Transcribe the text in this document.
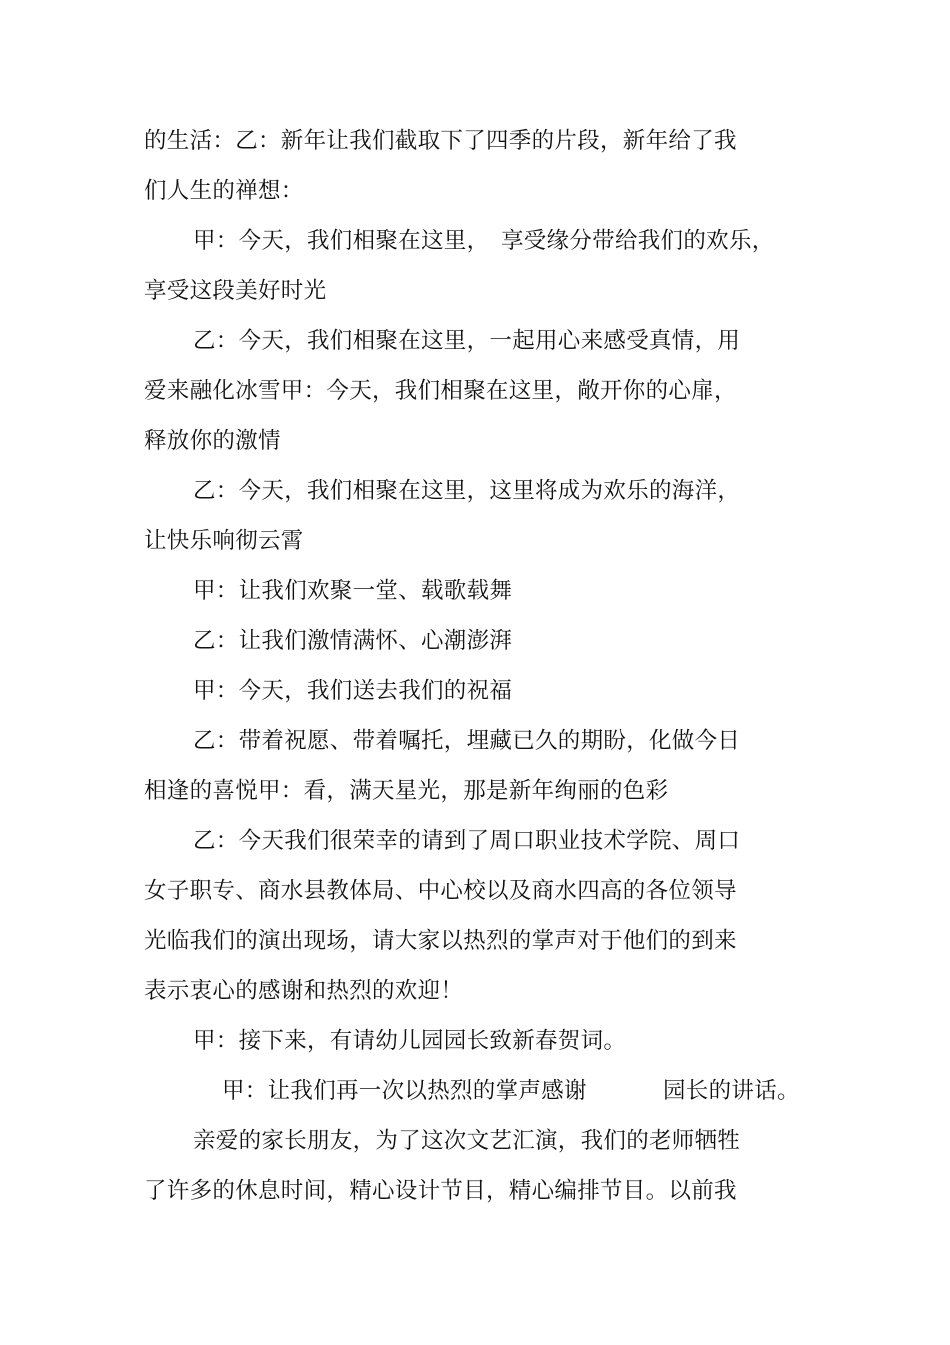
的生活：乙：新年让我们截取下了四季的片段，新年给了我
们人生的禅想：
甲：今天，我们相聚在这里，　享受缘分带给我们的欢乐，
享受这段美好时光
乙：今天，我们相聚在这里，一起用心来感受真情，用
爱来融化冰雪甲：今天，我们相聚在这里，敞开你的心扉，
释放你的激情
乙：今天，我们相聚在这里，这里将成为欢乐的海洋，
让快乐响彻云霄
甲：让我们欢聚一堂、载歌载舞
乙：让我们激情满怀、心潮澎湃
甲：今天，我们送去我们的祝福
乙：带着祝愿、带着嘱托，埋藏已久的期盼，化做今日
相逢的喜悦甲：看，满天星光，那是新年绚丽的色彩
乙：今天我们很荣幸的请到了周口职业技术学院、周口
女子职专、商水县教体局、中心校以及商水四高的各位领导
光临我们的演出现场，请大家以热烈的掌声对于他们的到来
表示衷心的感谢和热烈的欢迎！
甲：接下来，有请幼儿园园长致新春贺词。
甲：让我们再一次以热烈的掌声感谢	园长的讲话。
亲爱的家长朋友，为了这次文艺汇演，我们的老师牺牲
了许多的休息时间，精心设计节目，精心编排节目。以前我
